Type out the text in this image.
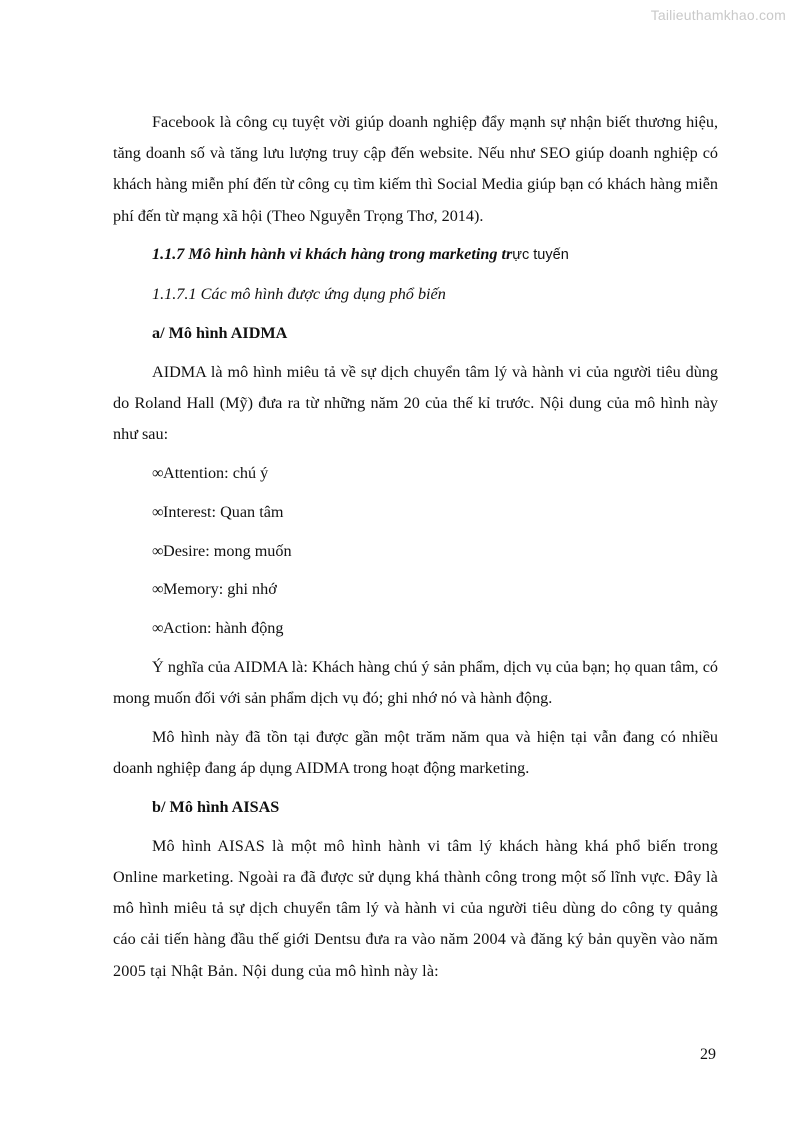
Tailieuthamkhao.com

Facebook là công cụ tuyệt vời giúp doanh nghiệp đẩy mạnh sự nhận biết thương hiệu, tăng doanh số và tăng lưu lượng truy cập đến website. Nếu như SEO giúp doanh nghiệp có khách hàng miễn phí đến từ công cụ tìm kiếm thì Social Media giúp bạn có khách hàng miễn phí đến từ mạng xã hội (Theo Nguyễn Trọng Thơ, 2014).

1.1.7 Mô hình hành vi khách hàng trong marketing trực tuyến

1.1.7.1 Các mô hình được ứng dụng phổ biến

a/ Mô hình AIDMA

AIDMA là mô hình miêu tả về sự dịch chuyển tâm lý và hành vi của người tiêu dùng do Roland Hall (Mỹ) đưa ra từ những năm 20 của thế kỉ trước. Nội dung của mô hình này như sau:

∞Attention: chú ý
∞Interest: Quan tâm
∞Desire: mong muốn
∞Memory: ghi nhớ
∞Action: hành động

Ý nghĩa của AIDMA là: Khách hàng chú ý sản phẩm, dịch vụ của bạn; họ quan tâm, có mong muốn đối với sản phẩm dịch vụ đó; ghi nhớ nó và hành động.

Mô hình này đã tồn tại được gần một trăm năm qua và hiện tại vẫn đang có nhiều doanh nghiệp đang áp dụng AIDMA trong hoạt động marketing.

b/ Mô hình AISAS

Mô hình AISAS là một mô hình hành vi tâm lý khách hàng khá phổ biến trong Online marketing. Ngoài ra đã được sử dụng khá thành công trong một số lĩnh vực. Đây là mô hình miêu tả sự dịch chuyển tâm lý và hành vi của người tiêu dùng do công ty quảng cáo cải tiến hàng đầu thế giới Dentsu đưa ra vào năm 2004 và đăng ký bản quyền vào năm 2005 tại Nhật Bản. Nội dung của mô hình này là:

29
